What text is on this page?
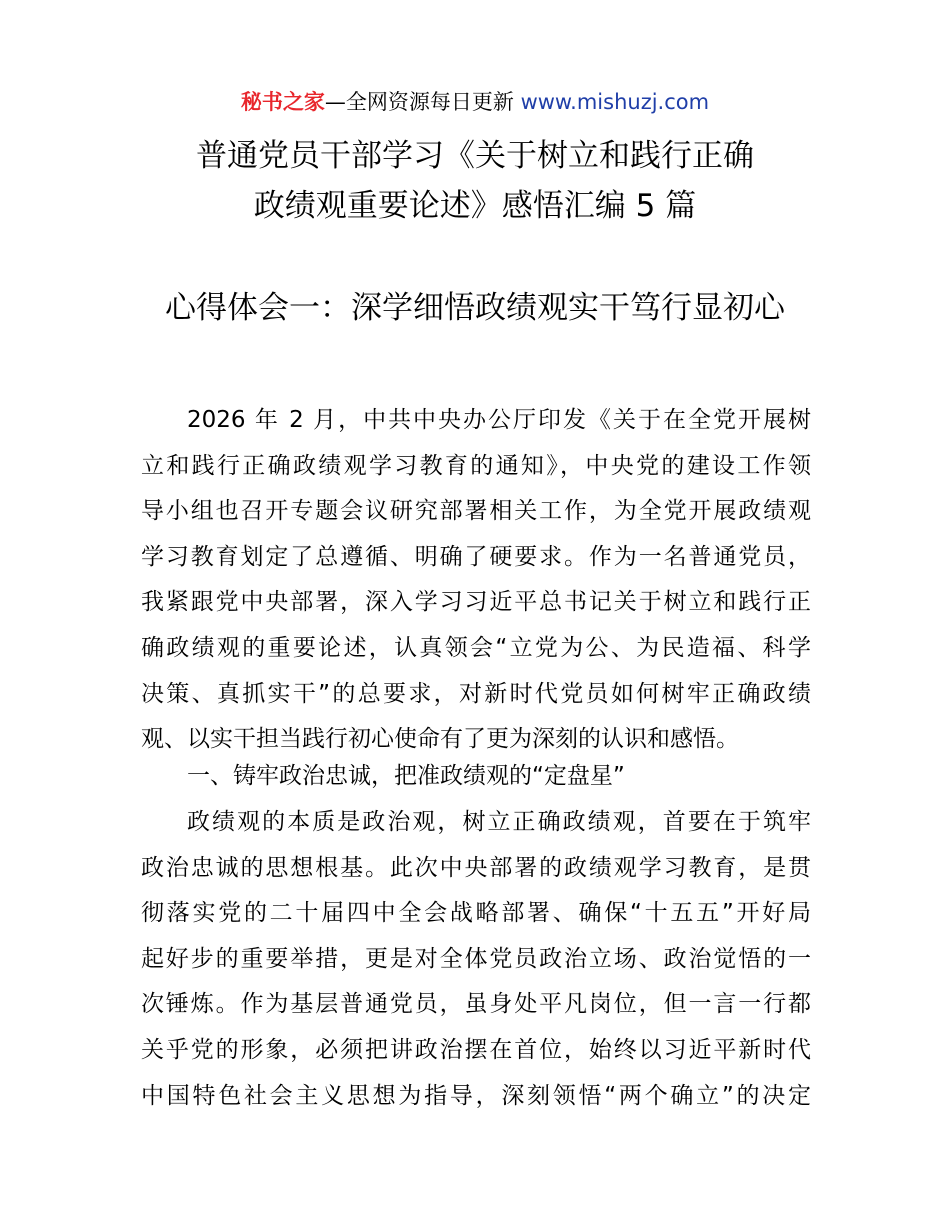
秘书之家—全网资源每日更新 www.mishuzj.com
普通党员干部学习《关于树立和践行正确
政绩观重要论述》感悟汇编 5 篇
心得体会一：深学细悟政绩观实干笃行显初心
2026 年 2 月，中共中央办公厅印发《关于在全党开展树
立和践行正确政绩观学习教育的通知》，中央党的建设工作领
导小组也召开专题会议研究部署相关工作，为全党开展政绩观
学习教育划定了总遵循、明确了硬要求。作为一名普通党员，
我紧跟党中央部署，深入学习习近平总书记关于树立和践行正
确政绩观的重要论述，认真领会“立党为公、为民造福、科学
决策、真抓实干”的总要求，对新时代党员如何树牢正确政绩
观、以实干担当践行初心使命有了更为深刻的认识和感悟。
一、铸牢政治忠诚，把准政绩观的“定盘星”
政绩观的本质是政治观，树立正确政绩观，首要在于筑牢
政治忠诚的思想根基。此次中央部署的政绩观学习教育，是贯
彻落实党的二十届四中全会战略部署、确保“十五五”开好局
起好步的重要举措，更是对全体党员政治立场、政治觉悟的一
次锤炼。作为基层普通党员，虽身处平凡岗位，但一言一行都
关乎党的形象，必须把讲政治摆在首位，始终以习近平新时代
中国特色社会主义思想为指导，深刻领悟“两个确立”的决定
